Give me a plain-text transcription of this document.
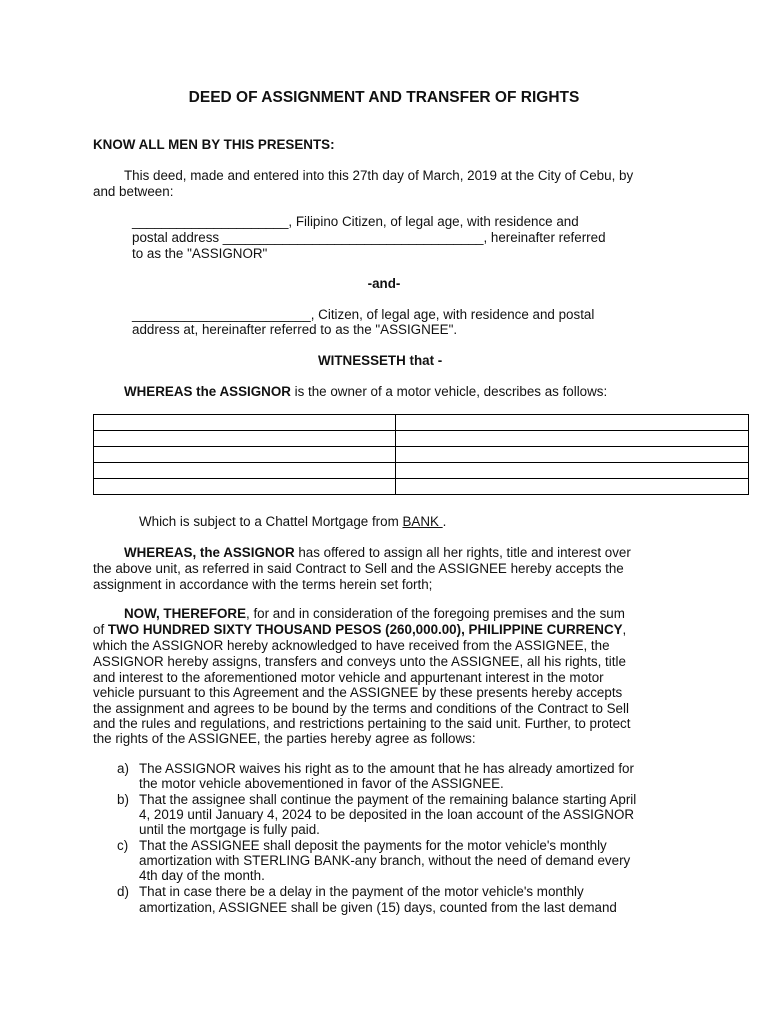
DEED OF ASSIGNMENT AND TRANSFER OF RIGHTS
KNOW ALL MEN BY THIS PRESENTS:
This deed, made and entered into this 27th day of March, 2019 at the City of Cebu, by
and between:
_____________________, Filipino Citizen, of legal age, with residence and
postal address ___________________________________, hereinafter referred
to as the "ASSIGNOR"
-and-
________________________, Citizen, of legal age, with residence and postal
address at, hereinafter referred to as the "ASSIGNEE".
WITNESSETH that -
WHEREAS the ASSIGNOR is the owner of a motor vehicle, describes as follows:

Which is subject to a Chattel Mortgage from BANK .
WHEREAS, the ASSIGNOR has offered to assign all her rights, title and interest over
the above unit, as referred in said Contract to Sell and the ASSIGNEE hereby accepts the
assignment in accordance with the terms herein set forth;
NOW, THEREFORE, for and in consideration of the foregoing premises and the sum
of TWO HUNDRED SIXTY THOUSAND PESOS (260,000.00), PHILIPPINE CURRENCY,
which the ASSIGNOR hereby acknowledged to have received from the ASSIGNEE, the
ASSIGNOR hereby assigns, transfers and conveys unto the ASSIGNEE, all his rights, title
and interest to the aforementioned motor vehicle and appurtenant interest in the motor
vehicle pursuant to this Agreement and the ASSIGNEE by these presents hereby accepts
the assignment and agrees to be bound by the terms and conditions of the Contract to Sell
and the rules and regulations, and restrictions pertaining to the said unit. Further, to protect
the rights of the ASSIGNEE, the parties hereby agree as follows:
a) The ASSIGNOR waives his right as to the amount that he has already amortized for
the motor vehicle abovementioned in favor of the ASSIGNEE.
b) That the assignee shall continue the payment of the remaining balance starting April
4, 2019 until January 4, 2024 to be deposited in the loan account of the ASSIGNOR
until the mortgage is fully paid.
c) That the ASSIGNEE shall deposit the payments for the motor vehicle's monthly
amortization with STERLING BANK-any branch, without the need of demand every
4th day of the month.
d) That in case there be a delay in the payment of the motor vehicle's monthly
amortization, ASSIGNEE shall be given (15) days, counted from the last demand
